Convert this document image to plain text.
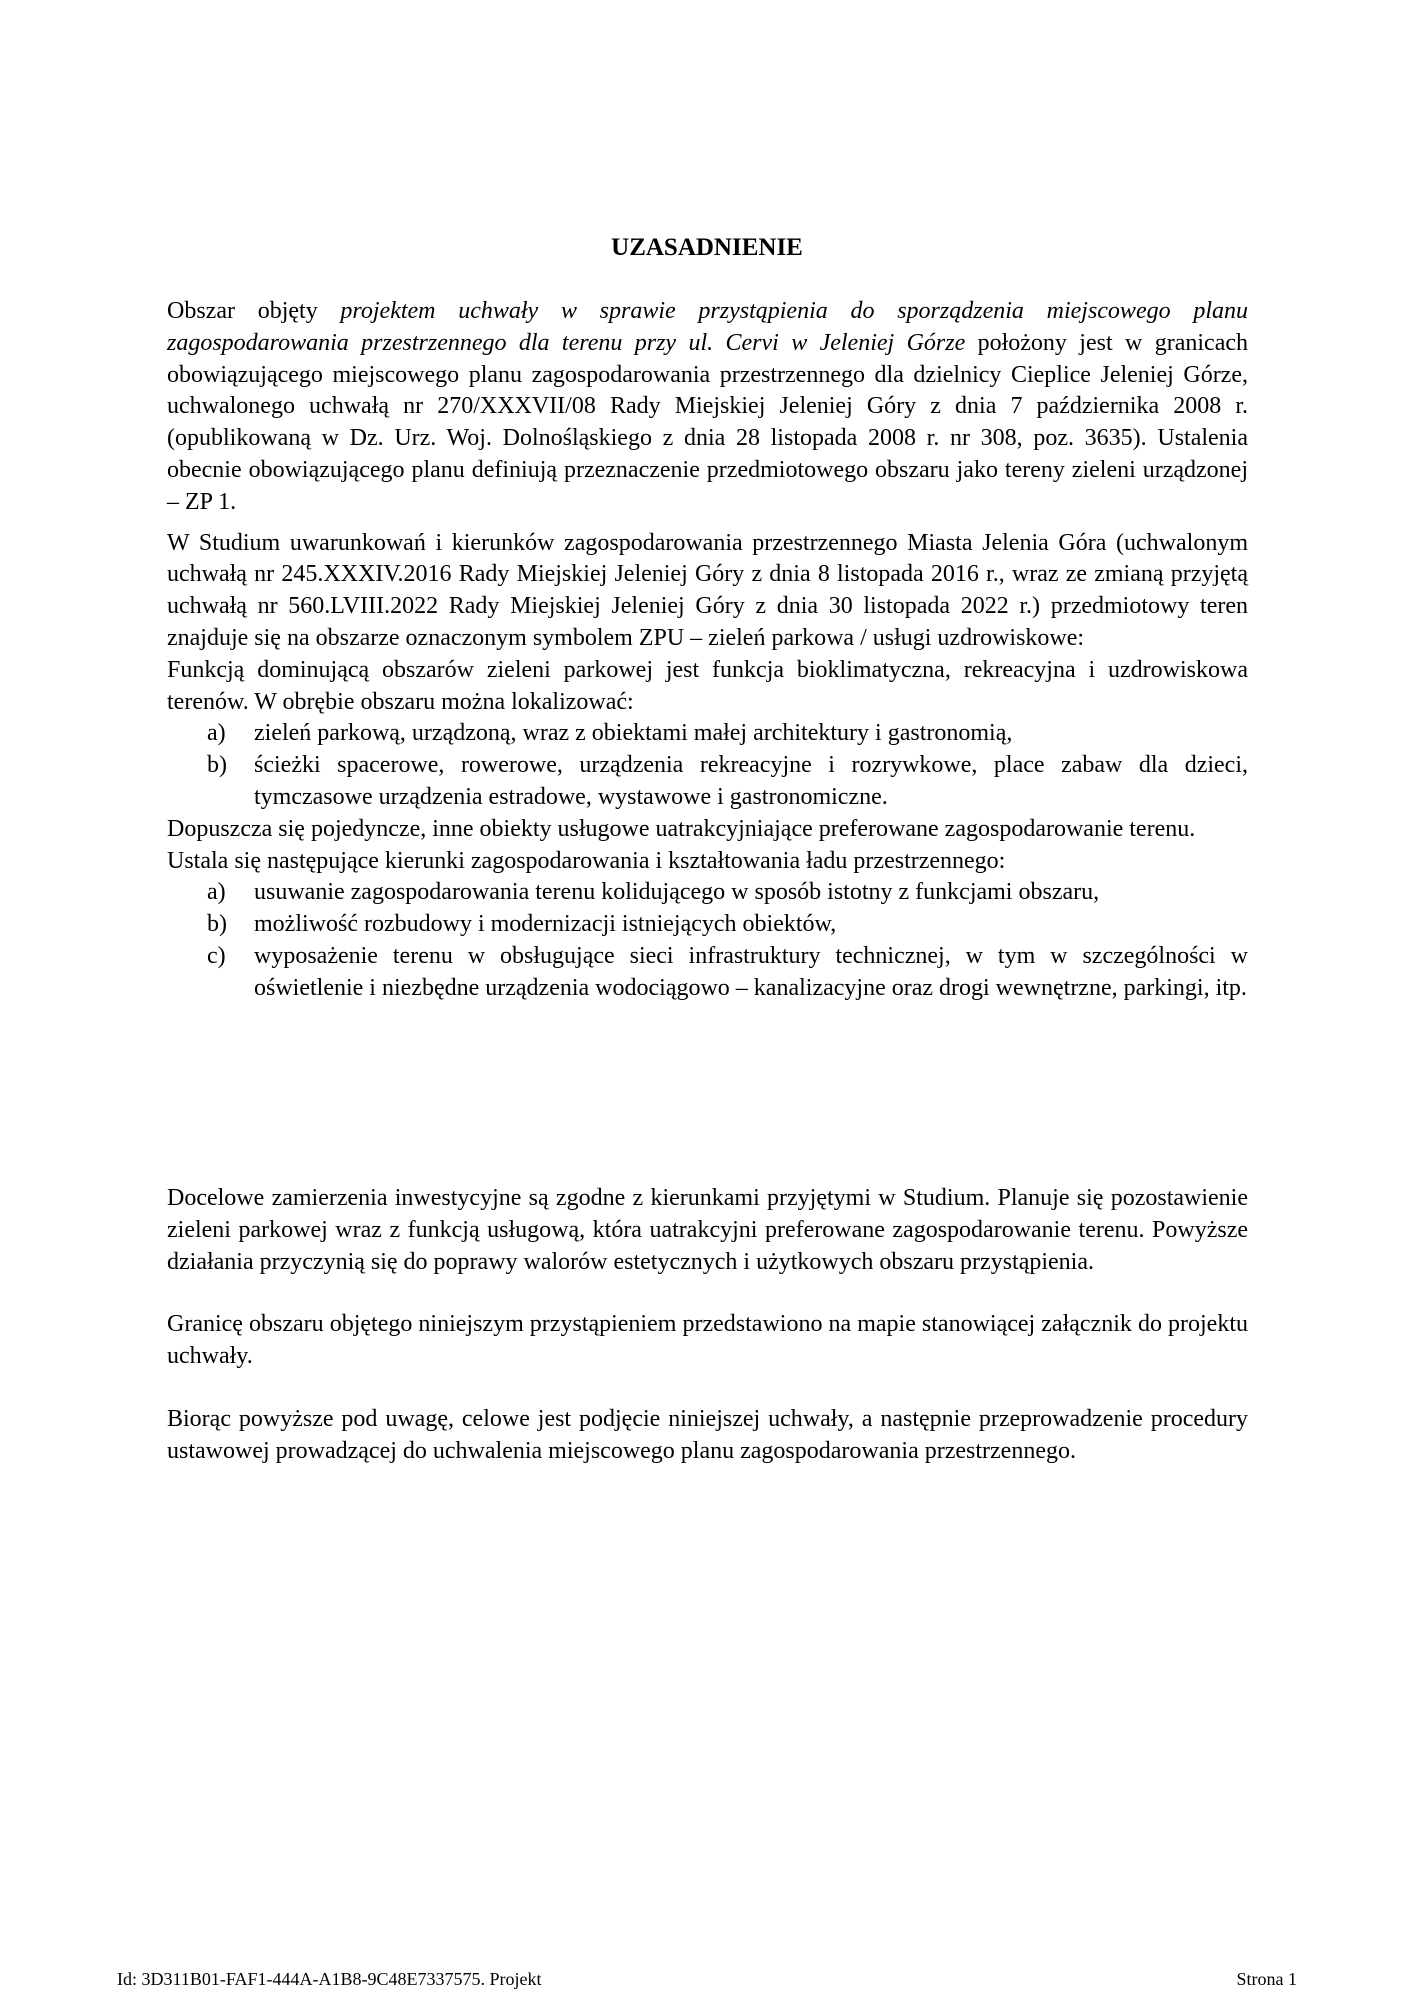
UZASADNIENIE

Obszar objęty projektem uchwały w sprawie przystąpienia do sporządzenia miejscowego planu zagospodarowania przestrzennego dla terenu przy ul. Cervi w Jeleniej Górze położony jest w granicach obowiązującego miejscowego planu zagospodarowania przestrzennego dla dzielnicy Cieplice Jeleniej Górze, uchwalonego uchwałą nr 270/XXXVII/08 Rady Miejskiej Jeleniej Góry z dnia 7 października 2008 r. (opublikowaną w Dz. Urz. Woj. Dolnośląskiego z dnia 28 listopada 2008 r. nr 308, poz. 3635). Ustalenia obecnie obowiązującego planu definiują przeznaczenie przedmiotowego obszaru jako tereny zieleni urządzonej – ZP 1.

W Studium uwarunkowań i kierunków zagospodarowania przestrzennego Miasta Jelenia Góra (uchwalonym uchwałą nr 245.XXXIV.2016 Rady Miejskiej Jeleniej Góry z dnia 8 listopada 2016 r., wraz ze zmianą przyjętą uchwałą nr 560.LVIII.2022 Rady Miejskiej Jeleniej Góry z dnia 30 listopada 2022 r.) przedmiotowy teren znajduje się na obszarze oznaczonym symbolem ZPU – zieleń parkowa / usługi uzdrowiskowe:

Funkcją dominującą obszarów zieleni parkowej jest funkcja bioklimatyczna, rekreacyjna i uzdrowiskowa terenów. W obrębie obszaru można lokalizować:

a) zieleń parkową, urządzoną, wraz z obiektami małej architektury i gastronomią,
b) ścieżki spacerowe, rowerowe, urządzenia rekreacyjne i rozrywkowe, place zabaw dla dzieci, tymczasowe urządzenia estradowe, wystawowe i gastronomiczne.

Dopuszcza się pojedyncze, inne obiekty usługowe uatrakcyjniające preferowane zagospodarowanie terenu.

Ustala się następujące kierunki zagospodarowania i kształtowania ładu przestrzennego:

a) usuwanie zagospodarowania terenu kolidującego w sposób istotny z funkcjami obszaru,
b) możliwość rozbudowy i modernizacji istniejących obiektów,
c) wyposażenie terenu w obsługujące sieci infrastruktury technicznej, w tym w szczególności w oświetlenie i niezbędne urządzenia wodociągowo – kanalizacyjne oraz drogi wewnętrzne, parkingi, itp.

Docelowe zamierzenia inwestycyjne są zgodne z kierunkami przyjętymi w Studium. Planuje się pozostawienie zieleni parkowej wraz z funkcją usługową, która uatrakcyjni preferowane zagospodarowanie terenu. Powyższe działania przyczynią się do poprawy walorów estetycznych i użytkowych obszaru przystąpienia.

Granicę obszaru objętego niniejszym przystąpieniem przedstawiono na mapie stanowiącej załącznik do projektu uchwały.

Biorąc powyższe pod uwagę, celowe jest podjęcie niniejszej uchwały, a następnie przeprowadzenie procedury ustawowej prowadzącej do uchwalenia miejscowego planu zagospodarowania przestrzennego.

Id: 3D311B01-FAF1-444A-A1B8-9C48E7337575. Projekt	Strona 1
